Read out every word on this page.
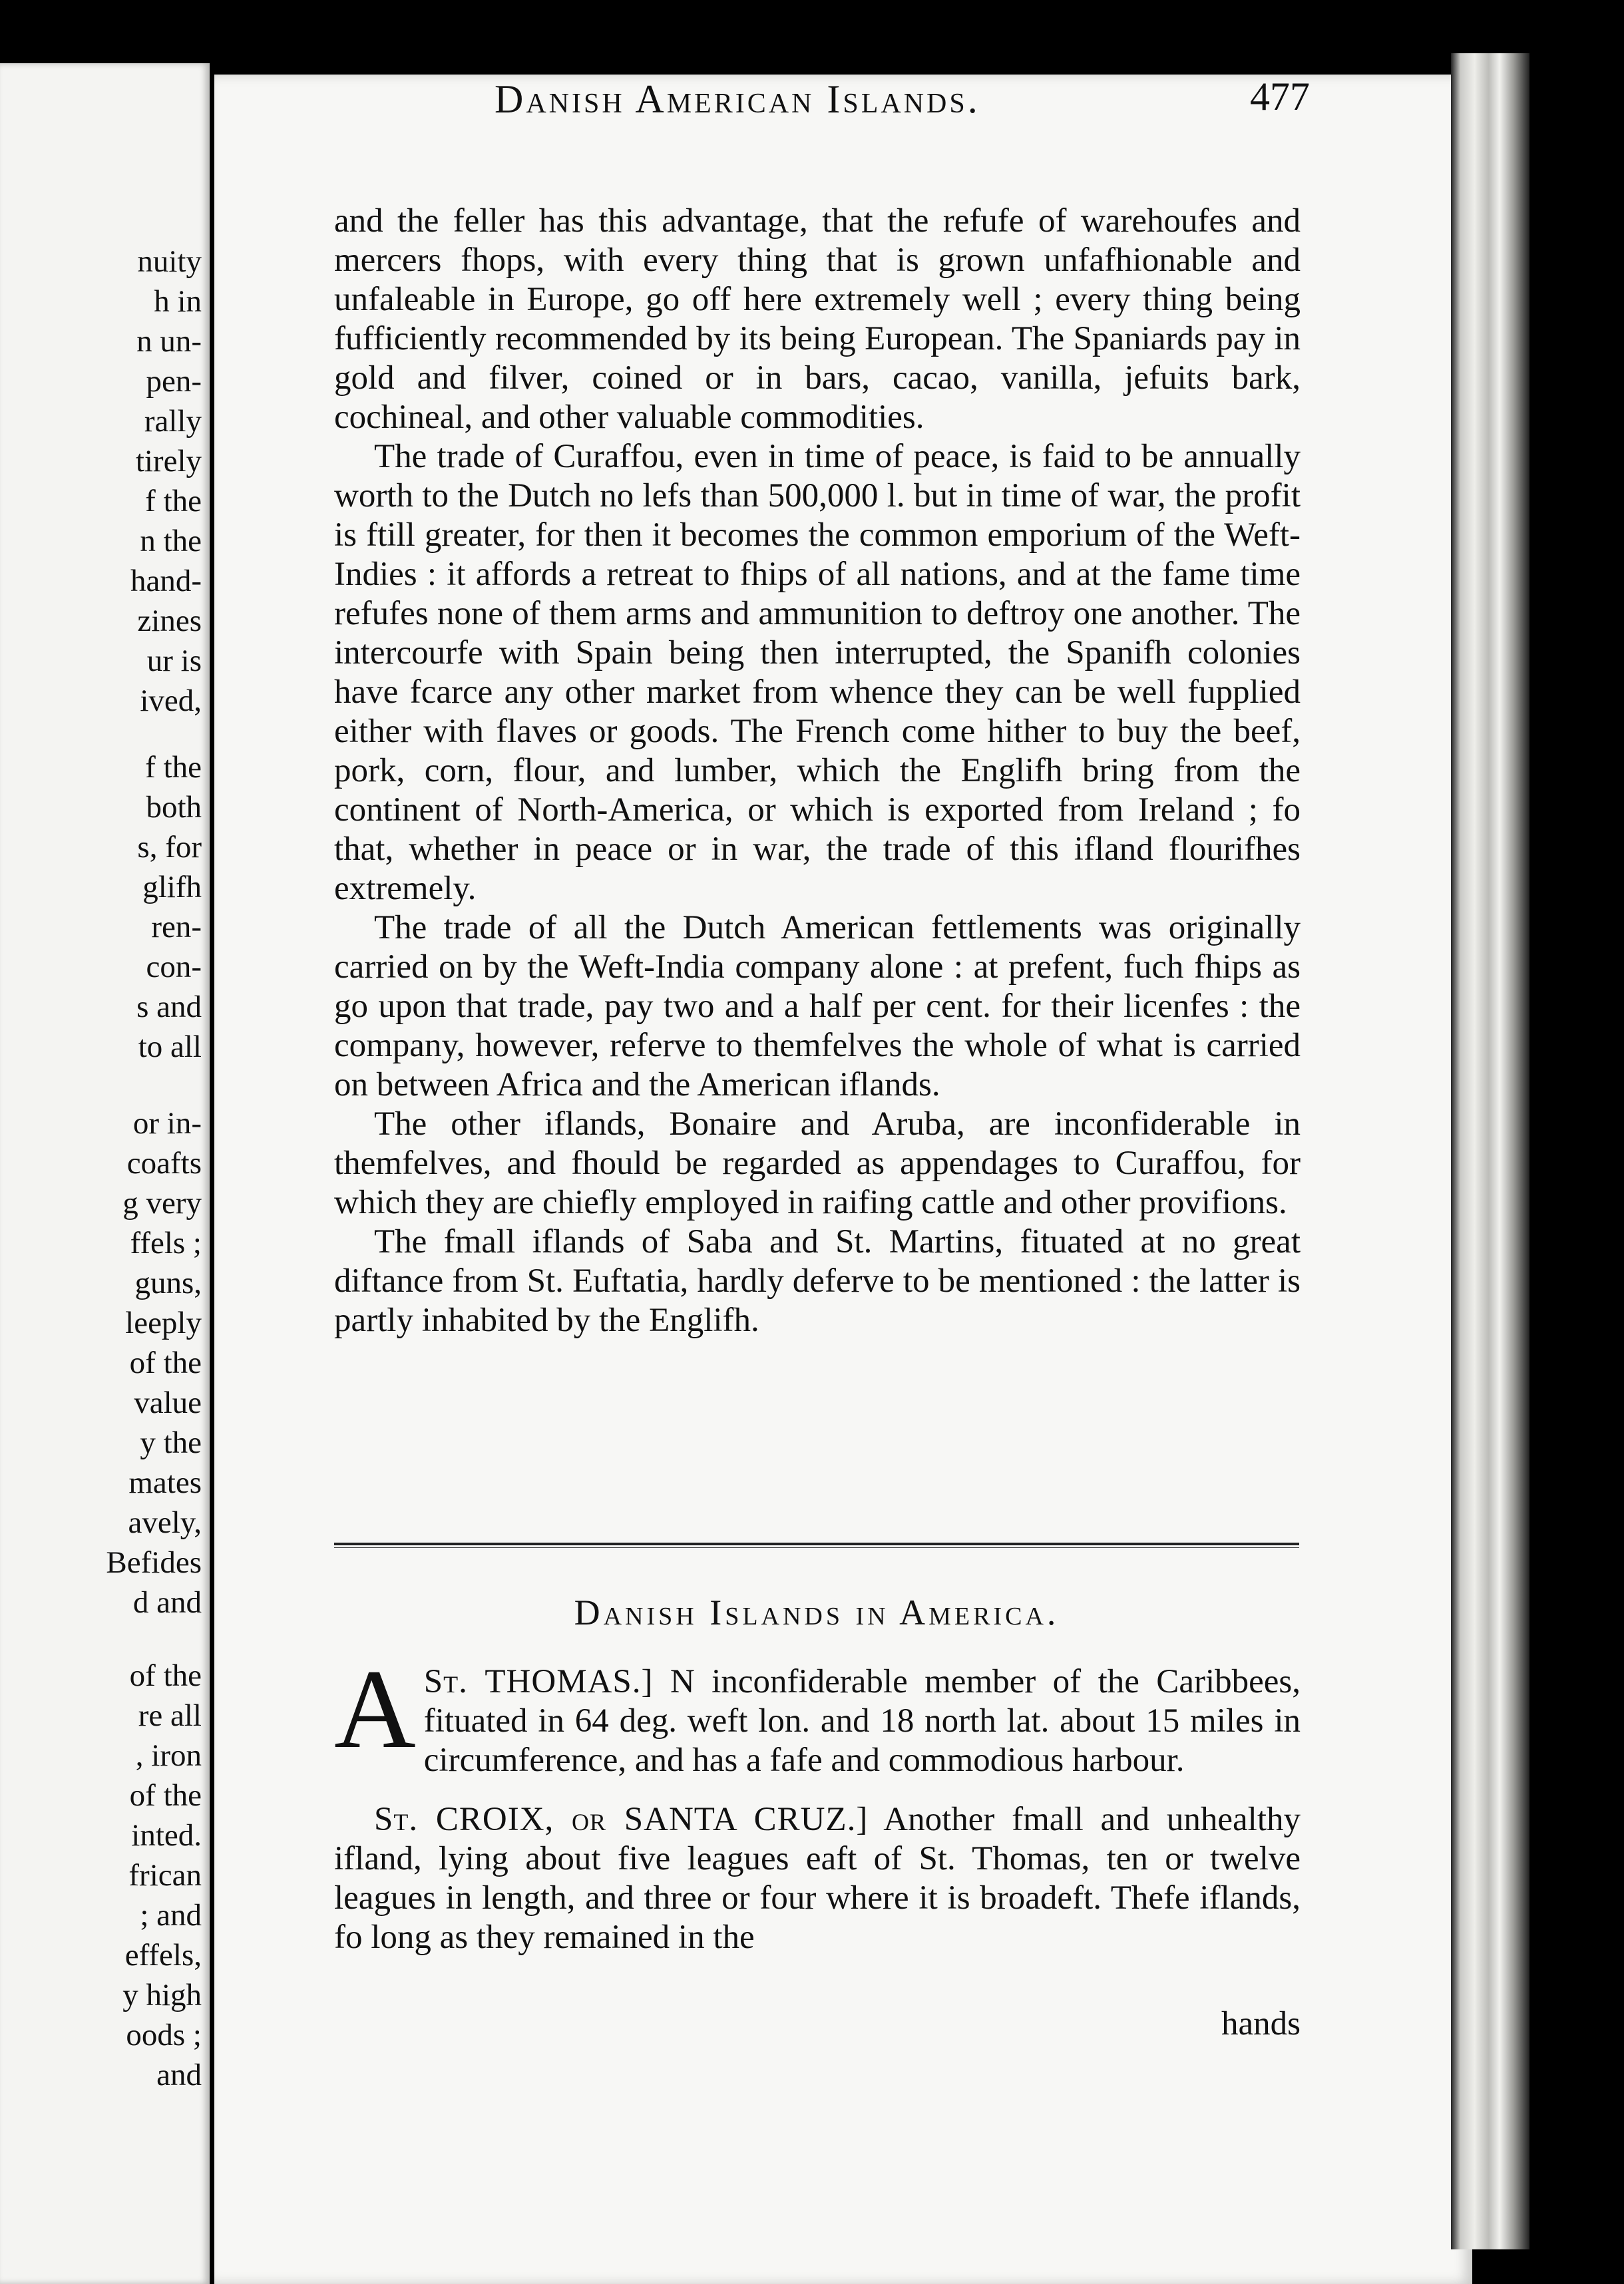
nuity
h in
n un-
pen-
rally
tirely
f the
n the
hand-
zines
ur is
ived,
f the
both
s, for
glifh
ren-
con-
s and
to all
or in-
coafts
g very
ffels ;
guns,
leeply
of the
value
y the
mates
avely,
Befides
d and
of the
re all
, iron
of the
inted.
frican
; and
effels,
y high
oods ;
and
Danish American Islands.	477

and the feller has this advantage, that the refufe of warehoufes and mercers fhops, with every thing that is grown unfafhionable and unfaleable in Europe, go off here extremely well ; every thing being fufficiently recommended by its being European. The Spaniards pay in gold and filver, coined or in bars, cacao, vanilla, jefuits bark, cochineal, and other valuable commodities.

The trade of Curaffou, even in time of peace, is faid to be annually worth to the Dutch no lefs than 500,000 l. but in time of war, the profit is ftill greater, for then it becomes the common emporium of the Weft-Indies : it affords a retreat to fhips of all nations, and at the fame time refufes none of them arms and ammunition to deftroy one another. The intercourfe with Spain being then interrupted, the Spanifh colonies have fcarce any other market from whence they can be well fupplied either with flaves or goods. The French come hither to buy the beef, pork, corn, flour, and lumber, which the Englifh bring from the continent of North-America, or which is exported from Ireland ; fo that, whether in peace or in war, the trade of this ifland flourifhes extremely.

The trade of all the Dutch American fettlements was originally carried on by the Weft-India company alone : at prefent, fuch fhips as go upon that trade, pay two and a half per cent. for their licenfes : the company, however, referve to themfelves the whole of what is carried on between Africa and the American iflands.

The other iflands, Bonaire and Aruba, are inconfiderable in themfelves, and fhould be regarded as appendages to Curaffou, for which they are chiefly employed in raifing cattle and other provifions.

The fmall iflands of Saba and St. Martins, fituated at no great diftance from St. Euftatia, hardly deferve to be mentioned : the latter is partly inhabited by the Englifh.

Danish Islands in America.

St. THOMAS.]
A	N inconfiderable member of the Caribbees, fituated in 64 deg. weft lon. and 18 north lat. about 15 miles in circumference, and has a fafe and commodious harbour.

St. CROIX, or SANTA CRUZ.] Another fmall and unhealthy ifland, lying about five leagues eaft of St. Thomas, ten or twelve leagues in length, and three or four where it is broadeft. Thefe iflands, fo long as they remained in the

hands
